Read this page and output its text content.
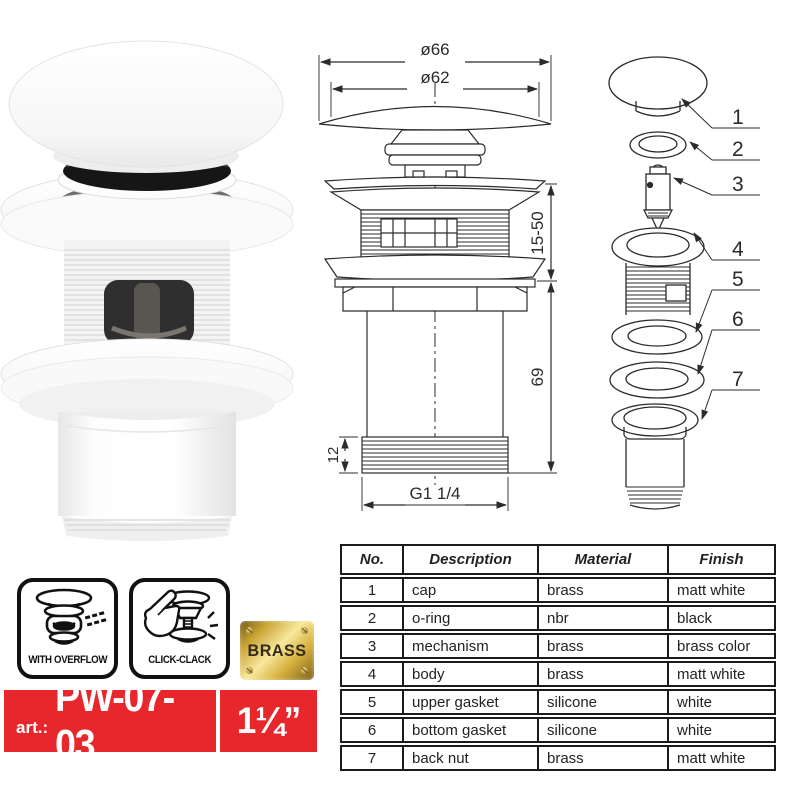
ø66
ø62
15-50
69
12
G1 1/4
1
2
3
4
5
6
7
WITH OVERFLOW	CLICK-CLACK
BRASS
art.:
PW-07-03
1¼”
No.	Description	Material	Finish
1	cap	brass	matt white
2	o-ring	nbr	black
3	mechanism	brass	brass color
4	body	brass	matt white
5	upper gasket	silicone	white
6	bottom gasket	silicone	white
7	back nut	brass	matt white
